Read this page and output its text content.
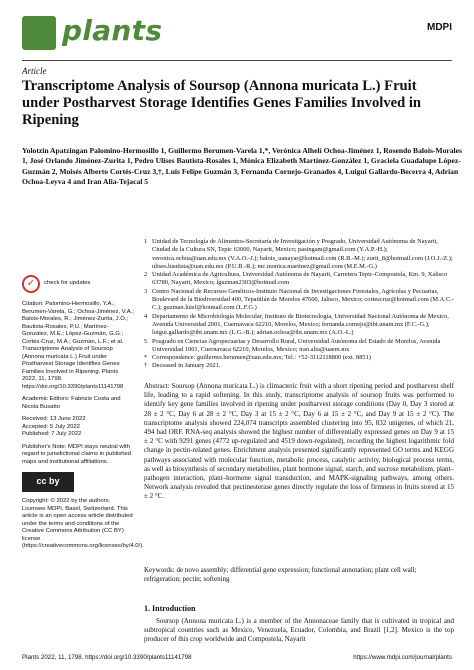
plants	MDPI
Article
Transcriptome Analysis of Soursop (Annona muricata L.) Fruit under Postharvest Storage Identifies Genes Families Involved in Ripening
Yolotzin Apatzingan Palomino-Hermosillo 1, Guillermo Berumen-Varela 1,*, Verónica Alhelí Ochoa-Jiménez 1, Rosendo Balois-Morales 1, José Orlando Jiménez-Zurita 1, Pedro Ulises Bautista-Rosales 1, Mónica Elizabeth Martínez-González 1, Graciela Guadalupe López-Guzmán 2, Moisés Alberto Cortés-Cruz 3,†, Luis Felipe Guzmán 3, Fernanda Cornejo-Granados 4, Luigui Gallardo-Becerra 4, Adrian Ochoa-Leyva 4 and Iran Alia-Tejacal 5
1 Unidad de Tecnología de Alimentos-Secretaría de Investigación y Posgrado, Universidad Autónoma de Nayarit, Ciudad de la Cultura SN, Tepic 63000, Nayarit, Mexico; pasingam@gmail.com (Y.A.P.-H.); veronica.ochoa@uan.edu.mx (V.A.O.-J.); balois_uanayar@hotmail.com (R.B.-M.); zurit_8@hotmail.com (J.O.J.-Z.); ulises.bautista@uan.edu.mx (P.U.B.-R.); mc.monica.martinez@gmail.com (M.E.M.-G.)
2 Unidad Académica de Agricultura, Universidad Autónoma de Nayarit, Carretera Tepic-Compostela, Km. 9, Xalisco 63780, Nayarit, Mexico; lguzman2303@hotmail.com
3 Centro Nacional de Recursos Genéticos-Instituto Nacional de Investigaciones Forestales, Agrícolas y Pecuarias, Boulevard de la Biodiversidad 400, Tepatitlán de Morelos 47600, Jalisco, Mexico; cortescruz@hotmail.com (M.A.C.-C.); guzman.luisf@hotmail.com (L.F.G.)
4 Departamento de Microbiología Molecular, Instituto de Biotecnología, Universidad Nacional Autónoma de Mexico, Avenida Universidad 2001, Cuernavaca 62210, Morelos, Mexico; fernanda.cornejo@ibt.unam.mx (F.C.-G.); luigui.gallardo@ibt.unam.mx (L.G.-B.); adrian.ochoa@ibt.unam.mx (A.O.-L.)
5 Posgrado en Ciencias Agropecuarias y Desarrollo Rural, Universidad Autónoma del Estado de Morelos, Avenida Universidad 1001, Cuernavaca 62210, Morelos, Mexico; iran.alia@uaem.mx
* Correspondence: guillermo.berumen@uan.edu.mx; Tel.: +52-3112118800 (ext. 8851)
† Deceased in January 2021.
✓	check for updates

Citation: Palomino-Hermosillo, Y.A.; Berumen-Varela, G.; Ochoa-Jiménez, V.A.; Balois-Morales, R.; Jiménez-Zurita, J.O.; Bautista-Rosales, P.U.; Martínez-González, M.E.; López-Guzmán, G.G.; Cortés-Cruz, M.A.; Guzmán, L.F.; et al. Transcriptome Analysis of Soursop (Annona muricata L.) Fruit under Postharvest Storage Identifies Genes Families Involved in Ripening. Plants 2022, 11, 1798. https://doi.org/10.3390/plants11141798

Academic Editors: Fabrizio Costa and Nicola Busatto

Received: 13 June 2022

Accepted: 5 July 2022

Published: 7 July 2022

Publisher's Note: MDPI stays neutral with regard to jurisdictional claims in published maps and institutional affiliations.

cc by

Copyright: © 2022 by the authors. Licensee MDPI, Basel, Switzerland. This article is an open access article distributed under the terms and conditions of the Creative Commons Attribution (CC BY) license (https://creativecommons.org/licenses/by/4.0/).

Abstract: Soursop (Annona muricata L.) is climacteric fruit with a short ripening period and postharvest shelf life, leading to a rapid softening. In this study, transcriptome analysis of soursop fruits was performed to identify key gene families involved in ripening under postharvest storage conditions (Day 0, Day 3 stored at 28 ± 2 °C, Day 6 at 28 ± 2 °C, Day 3 at 15 ± 2 °C, Day 6 at 15 ± 2 °C, and Day 9 at 15 ± 2 °C). The transcriptome analysis showed 224,074 transcripts assembled clustering into 95, 832 unigenes, of which 21, 494 had ORF. RNA-seq analysis showed the highest number of differentially expressed genes on Day 9 at 15 ± 2 °C with 9291 genes (4772 up-regulated and 4519 down-regulated), recording the highest logarithmic fold change in pectin-related genes. Enrichment analysis presented significantly represented GO terms and KEGG pathways associated with molecular function, metabolic process, catalytic activity, biological process terms, as well as biosynthesis of secondary metabolites, plant hormone signal, starch, and sucrose metabolism, plant–pathogen interaction, plant–hormone signal transduction, and MAPK-signaling pathways, among others. Network analysis revealed that pectinesterase genes directly regulate the loss of firmness in fruits stored at 15 ± 2 °C.
Keywords: de novo assembly; differential gene expression; functional annotation; plant cell wall; refrigeration; pectin; softening
1. Introduction
Soursop (Annona muricata L.) is a member of the Annonaceae family that is cultivated in tropical and subtropical countries such as Mexico, Venezuela, Ecuador, Colombia, and Brazil [1,2]. Mexico is the top producer of this crop worldwide and Compostela, Nayarit
Plants 2022, 11, 1798. https://doi.org/10.3390/plants11141798	https://www.mdpi.com/journal/plants
